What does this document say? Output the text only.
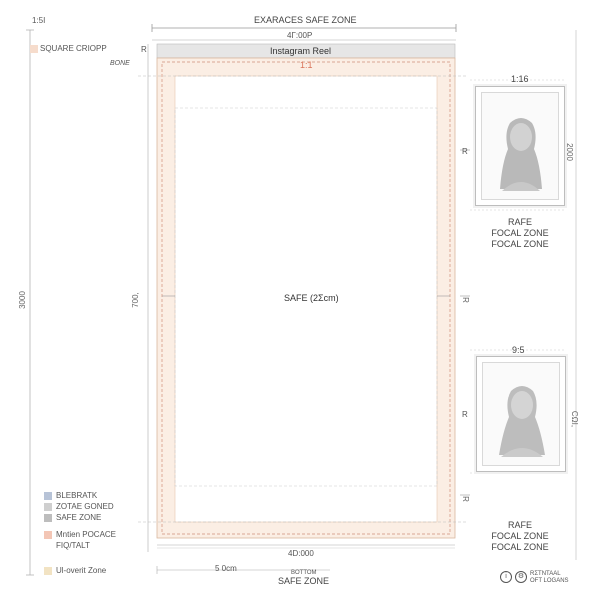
1:5I	EXARACES SAFE ZONE
4Γ:00P
Instagram Reel
1:1
SQUARE CRIOPP
BONE
R
3000	700,	SAFE (2Σcm)	R
R
4D:000
5 0cm	BOTTOM
SAFE ZONE
1:16
2000
R
RAFE
FOCAL ZONE
FOCAL ZONE
9:5
CΩI,
R
RAFE
FOCAL ZONE
FOCAL ZONE
BLEBRATK
ZOTAE GONED
SAFE ZONE
Mntien POCACE
FIQ/TALT
Ul-overit Zone
i	⚙ RΣTNTAAL
OFT LOGANS
